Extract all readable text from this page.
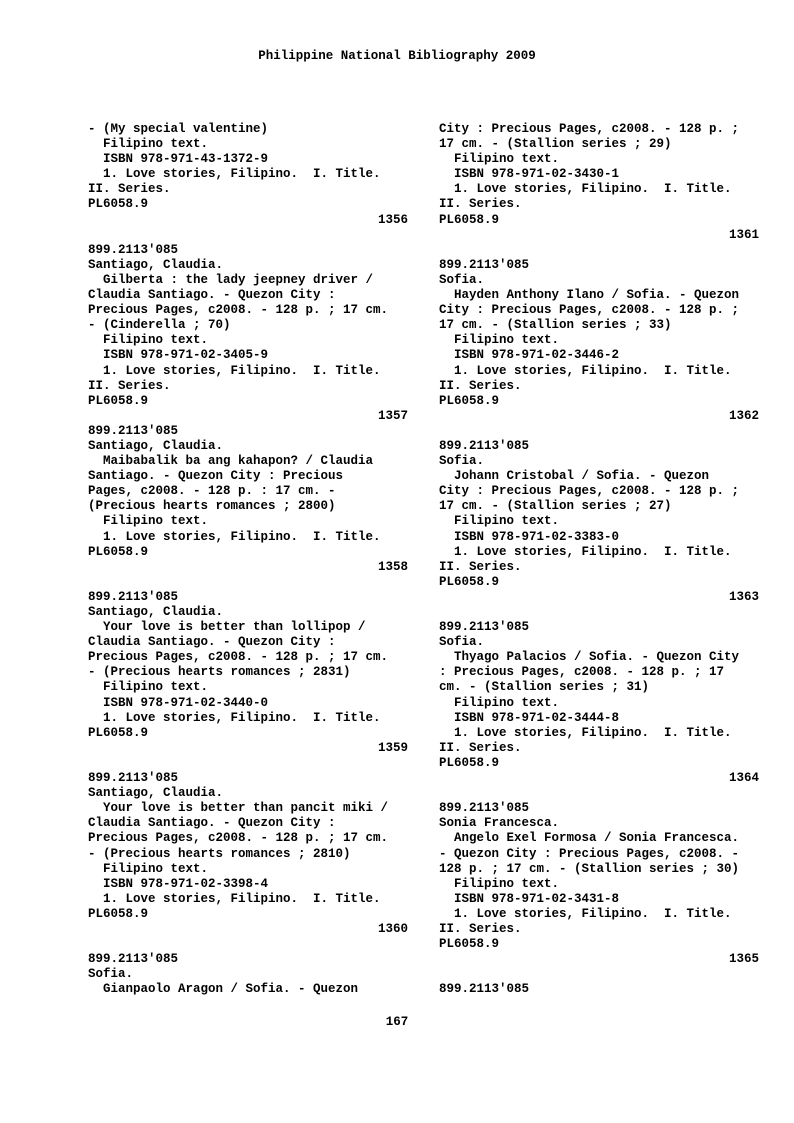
Philippine National Bibliography 2009
- (My special valentine)
Filipino text.
ISBN 978-971-43-1372-9
1. Love stories, Filipino.  I. Title.
II. Series.
PL6058.9
1356
899.2113'085
Santiago, Claudia.
Gilberta : the lady jeepney driver /
Claudia Santiago. - Quezon City :
Precious Pages, c2008. - 128 p. ; 17 cm.
- (Cinderella ; 70)
Filipino text.
ISBN 978-971-02-3405-9
1. Love stories, Filipino.  I. Title.
II. Series.
PL6058.9
1357
899.2113'085
Santiago, Claudia.
Maibabalik ba ang kahapon? / Claudia
Santiago. - Quezon City : Precious
Pages, c2008. - 128 p. : 17 cm. -
(Precious hearts romances ; 2800)
Filipino text.
1. Love stories, Filipino.  I. Title.
PL6058.9
1358
899.2113'085
Santiago, Claudia.
Your love is better than lollipop /
Claudia Santiago. - Quezon City :
Precious Pages, c2008. - 128 p. ; 17 cm.
- (Precious hearts romances ; 2831)
Filipino text.
ISBN 978-971-02-3440-0
1. Love stories, Filipino.  I. Title.
PL6058.9
1359
899.2113'085
Santiago, Claudia.
Your love is better than pancit miki /
Claudia Santiago. - Quezon City :
Precious Pages, c2008. - 128 p. ; 17 cm.
- (Precious hearts romances ; 2810)
Filipino text.
ISBN 978-971-02-3398-4
1. Love stories, Filipino.  I. Title.
PL6058.9
1360
899.2113'085
Sofia.
Gianpaolo Aragon / Sofia. - Quezon
City : Precious Pages, c2008. - 128 p. ;
17 cm. - (Stallion series ; 29)
Filipino text.
ISBN 978-971-02-3430-1
1. Love stories, Filipino.  I. Title.
II. Series.
PL6058.9
1361
899.2113'085
Sofia.
Hayden Anthony Ilano / Sofia. - Quezon
City : Precious Pages, c2008. - 128 p. ;
17 cm. - (Stallion series ; 33)
Filipino text.
ISBN 978-971-02-3446-2
1. Love stories, Filipino.  I. Title.
II. Series.
PL6058.9
1362
899.2113'085
Sofia.
Johann Cristobal / Sofia. - Quezon
City : Precious Pages, c2008. - 128 p. ;
17 cm. - (Stallion series ; 27)
Filipino text.
ISBN 978-971-02-3383-0
1. Love stories, Filipino.  I. Title.
II. Series.
PL6058.9
1363
899.2113'085
Sofia.
Thyago Palacios / Sofia. - Quezon City
: Precious Pages, c2008. - 128 p. ; 17
cm. - (Stallion series ; 31)
Filipino text.
ISBN 978-971-02-3444-8
1. Love stories, Filipino.  I. Title.
II. Series.
PL6058.9
1364
899.2113'085
Sonia Francesca.
Angelo Exel Formosa / Sonia Francesca.
- Quezon City : Precious Pages, c2008. -
128 p. ; 17 cm. - (Stallion series ; 30)
Filipino text.
ISBN 978-971-02-3431-8
1. Love stories, Filipino.  I. Title.
II. Series.
PL6058.9
1365
899.2113'085
167
